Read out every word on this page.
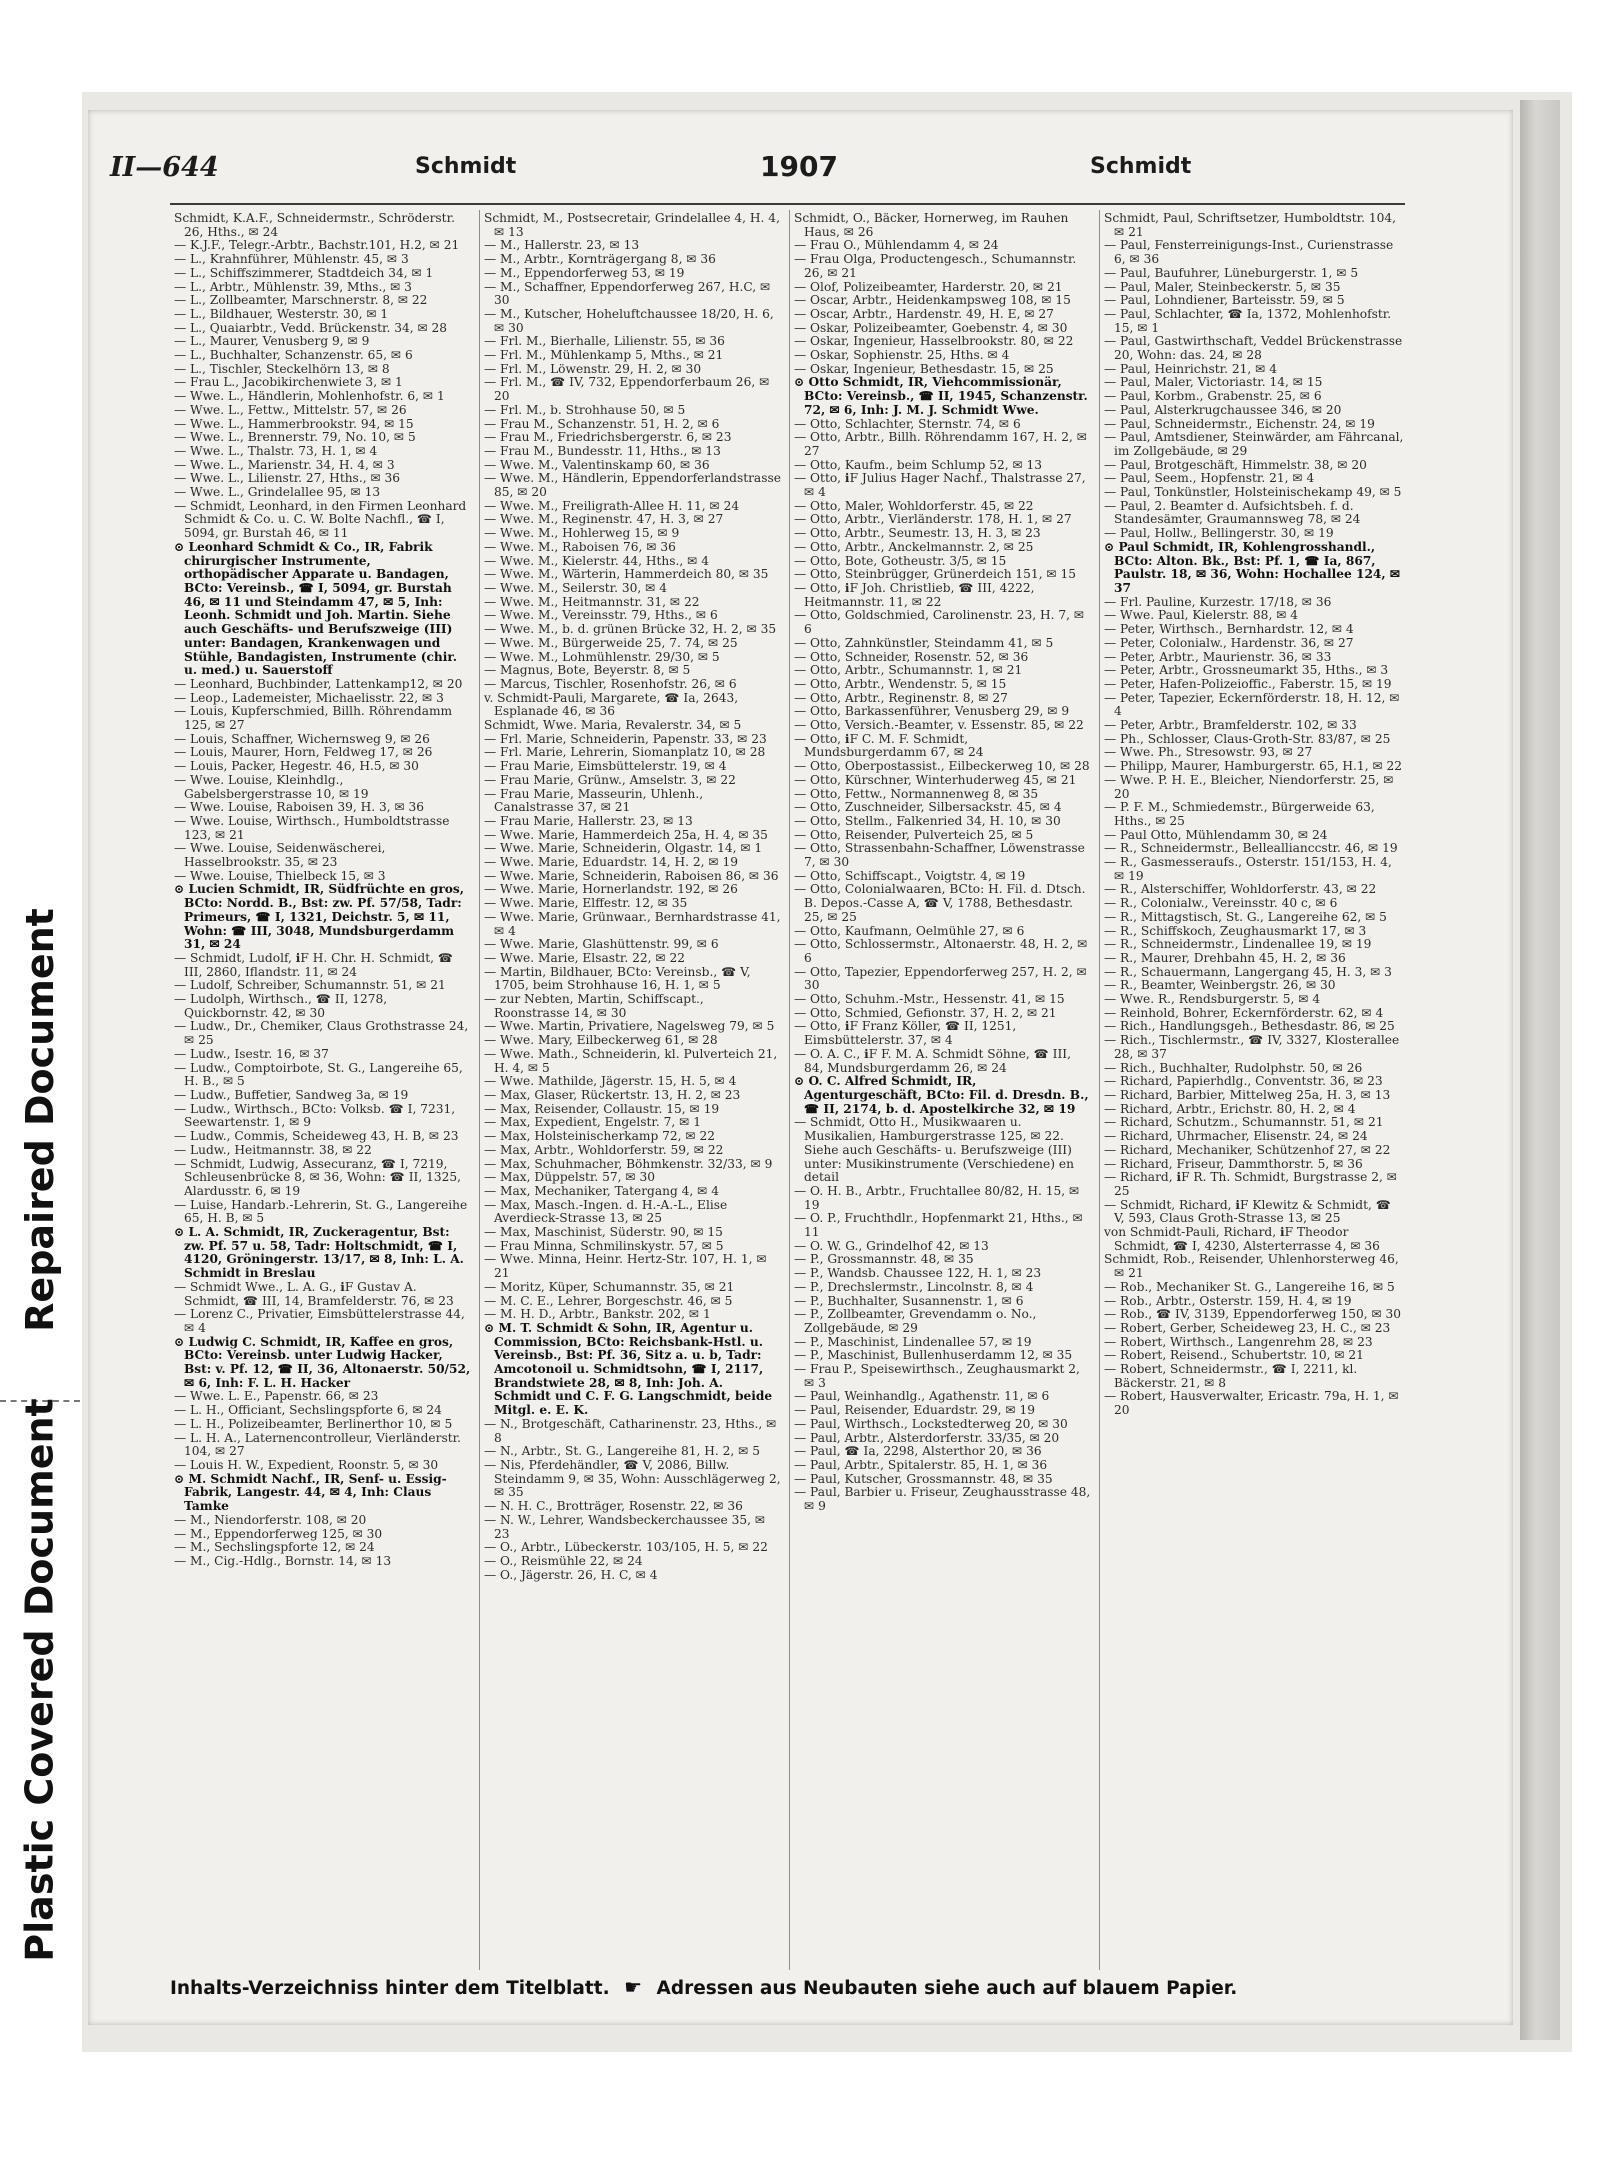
Repaired Document
Plastic Covered Document
II—644	Schmidt	1907	Schmidt

Schmidt, K.A.F., Schneidermstr., Schröderstr. 26, Hths., ✉ 24

— K.J.F., Telegr.-Arbtr., Bachstr.101, H.2, ✉ 21

— L., Krahnführer, Mühlenstr. 45, ✉ 3

— L., Schiffszimmerer, Stadtdeich 34, ✉ 1

— L., Arbtr., Mühlenstr. 39, Mths., ✉ 3

— L., Zollbeamter, Marschnerstr. 8, ✉ 22

— L., Bildhauer, Westerstr. 30, ✉ 1

— L., Quaiarbtr., Vedd. Brückenstr. 34, ✉ 28

— L., Maurer, Venusberg 9, ✉ 9

— L., Buchhalter, Schanzenstr. 65, ✉ 6

— L., Tischler, Steckelhörn 13, ✉ 8

— Frau L., Jacobikirchenwiete 3, ✉ 1

— Wwe. L., Händlerin, Mohlenhofstr. 6, ✉ 1

— Wwe. L., Fettw., Mittelstr. 57, ✉ 26

— Wwe. L., Hammerbrookstr. 94, ✉ 15

— Wwe. L., Brennerstr. 79, No. 10, ✉ 5

— Wwe. L., Thalstr. 73, H. 1, ✉ 4

— Wwe. L., Marienstr. 34, H. 4, ✉ 3

— Wwe. L., Lilienstr. 27, Hths., ✉ 36

— Wwe. L., Grindelallee 95, ✉ 13

— Schmidt, Leonhard, in den Firmen Leonhard Schmidt & Co. u. C. W. Bolte Nachfl., ☎ I, 5094, gr. Burstah 46, ✉ 11

⊙ Leonhard Schmidt & Co., IR, Fabrik chirurgischer Instrumente, orthopädischer Apparate u. Bandagen, BCto: Vereinsb., ☎ I, 5094, gr. Burstah 46, ✉ 11 und Steindamm 47, ✉ 5, Inh: Leonh. Schmidt und Joh. Martin. Siehe auch Geschäfts- und Berufszweige (III) unter: Bandagen, Krankenwagen und Stühle, Bandagisten, Instrumente (chir. u. med.) u. Sauerstoff

— Leonhard, Buchbinder, Lattenkamp12, ✉ 20

— Leop., Lademeister, Michaelisstr. 22, ✉ 3

— Louis, Kupferschmied, Billh. Röhrendamm 125, ✉ 27

— Louis, Schaffner, Wichernsweg 9, ✉ 26

— Louis, Maurer, Horn, Feldweg 17, ✉ 26

— Louis, Packer, Hegestr. 46, H.5, ✉ 30

— Wwe. Louise, Kleinhdlg., Gabelsbergerstrasse 10, ✉ 19

— Wwe. Louise, Raboisen 39, H. 3, ✉ 36

— Wwe. Louise, Wirthsch., Humboldtstrasse 123, ✉ 21

— Wwe. Louise, Seidenwäscherei, Hasselbrookstr. 35, ✉ 23

— Wwe. Louise, Thielbeck 15, ✉ 3

⊙ Lucien Schmidt, IR, Südfrüchte en gros, BCto: Nordd. B., Bst: zw. Pf. 57/58, Tadr: Primeurs, ☎ I, 1321, Deichstr. 5, ✉ 11, Wohn: ☎ III, 3048, Mundsburgerdamm 31, ✉ 24

— Schmidt, Ludolf, ℹF H. Chr. H. Schmidt, ☎ III, 2860, Iflandstr. 11, ✉ 24

— Ludolf, Schreiber, Schumannstr. 51, ✉ 21

— Ludolph, Wirthsch., ☎ II, 1278, Quickbornstr. 42, ✉ 30

— Ludw., Dr., Chemiker, Claus Grothstrasse 24, ✉ 25

— Ludw., Isestr. 16, ✉ 37

— Ludw., Comptoirbote, St. G., Langereihe 65, H. B., ✉ 5

— Ludw., Buffetier, Sandweg 3a, ✉ 19

— Ludw., Wirthsch., BCto: Volksb. ☎ I, 7231, Seewartenstr. 1, ✉ 9

— Ludw., Commis, Scheideweg 43, H. B, ✉ 23

— Ludw., Heitmannstr. 38, ✉ 22

— Schmidt, Ludwig, Assecuranz, ☎ I, 7219, Schleusenbrücke 8, ✉ 36, Wohn: ☎ II, 1325, Alardusstr. 6, ✉ 19

— Luise, Handarb.-Lehrerin, St. G., Langereihe 65, H. B, ✉ 5

⊙ L. A. Schmidt, IR, Zuckeragentur, Bst: zw. Pf. 57 u. 58, Tadr: Holtschmidt, ☎ I, 4120, Gröningerstr. 13/17, ✉ 8, Inh: L. A. Schmidt in Breslau

— Schmidt Wwe., L. A. G., ℹF Gustav A. Schmidt, ☎ III, 14, Bramfelderstr. 76, ✉ 23

— Lorenz C., Privatier, Eimsbüttelerstrasse 44, ✉ 4

⊙ Ludwig C. Schmidt, IR, Kaffee en gros, BCto: Vereinsb. unter Ludwig Hacker, Bst: v. Pf. 12, ☎ II, 36, Altonaerstr. 50/52, ✉ 6, Inh: F. L. H. Hacker

— Wwe. L. E., Papenstr. 66, ✉ 23

— L. H., Officiant, Sechslingspforte 6, ✉ 24

— L. H., Polizeibeamter, Berlinerthor 10, ✉ 5

— L. H. A., Laternencontrolleur, Vierländerstr. 104, ✉ 27

— Louis H. W., Expedient, Roonstr. 5, ✉ 30

⊙ M. Schmidt Nachf., IR, Senf- u. Essig-Fabrik, Langestr. 44, ✉ 4, Inh: Claus Tamke

— M., Niendorferstr. 108, ✉ 20

— M., Eppendorferweg 125, ✉ 30

— M., Sechslingspforte 12, ✉ 24

— M., Cig.-Hdlg., Bornstr. 14, ✉ 13

Schmidt, M., Postsecretair, Grindelallee 4, H. 4, ✉ 13

— M., Hallerstr. 23, ✉ 13

— M., Arbtr., Kornträgergang 8, ✉ 36

— M., Eppendorferweg 53, ✉ 19

— M., Schaffner, Eppendorferweg 267, H.C, ✉ 30

— M., Kutscher, Hoheluftchaussee 18/20, H. 6, ✉ 30

— Frl. M., Bierhalle, Lilienstr. 55, ✉ 36

— Frl. M., Mühlenkamp 5, Mths., ✉ 21

— Frl. M., Löwenstr. 29, H. 2, ✉ 30

— Frl. M., ☎ IV, 732, Eppendorferbaum 26, ✉ 20

— Frl. M., b. Strohhause 50, ✉ 5

— Frau M., Schanzenstr. 51, H. 2, ✉ 6

— Frau M., Friedrichsbergerstr. 6, ✉ 23

— Frau M., Bundesstr. 11, Hths., ✉ 13

— Wwe. M., Valentinskamp 60, ✉ 36

— Wwe. M., Händlerin, Eppendorferlandstrasse 85, ✉ 20

— Wwe. M., Freiligrath-Allee H. 11, ✉ 24

— Wwe. M., Reginenstr. 47, H. 3, ✉ 27

— Wwe. M., Hohlerweg 15, ✉ 9

— Wwe. M., Raboisen 76, ✉ 36

— Wwe. M., Kielerstr. 44, Hths., ✉ 4

— Wwe. M., Wärterin, Hammerdeich 80, ✉ 35

— Wwe. M., Seilerstr. 30, ✉ 4

— Wwe. M., Heitmannstr. 31, ✉ 22

— Wwe. M., Vereinsstr. 79, Hths., ✉ 6

— Wwe. M., b. d. grünen Brücke 32, H. 2, ✉ 35

— Wwe. M., Bürgerweide 25, 7. 74, ✉ 25

— Wwe. M., Lohmühlenstr. 29/30, ✉ 5

— Magnus, Bote, Beyerstr. 8, ✉ 5

— Marcus, Tischler, Rosenhofstr. 26, ✉ 6

v. Schmidt-Pauli, Margarete, ☎ Ia, 2643, Esplanade 46, ✉ 36

Schmidt, Wwe. Maria, Revalerstr. 34, ✉ 5

— Frl. Marie, Schneiderin, Papenstr. 33, ✉ 23

— Frl. Marie, Lehrerin, Siomanplatz 10, ✉ 28

— Frau Marie, Eimsbüttelerstr. 19, ✉ 4

— Frau Marie, Grünw., Amselstr. 3, ✉ 22

— Frau Marie, Masseurin, Uhlenh., Canalstrasse 37, ✉ 21

— Frau Marie, Hallerstr. 23, ✉ 13

— Wwe. Marie, Hammerdeich 25a, H. 4, ✉ 35

— Wwe. Marie, Schneiderin, Olgastr. 14, ✉ 1

— Wwe. Marie, Eduardstr. 14, H. 2, ✉ 19

— Wwe. Marie, Schneiderin, Raboisen 86, ✉ 36

— Wwe. Marie, Hornerlandstr. 192, ✉ 26

— Wwe. Marie, Elffestr. 12, ✉ 35

— Wwe. Marie, Grünwaar., Bernhardstrasse 41, ✉ 4

— Wwe. Marie, Glashüttenstr. 99, ✉ 6

— Wwe. Marie, Elsastr. 22, ✉ 22

— Martin, Bildhauer, BCto: Vereinsb., ☎ V, 1705, beim Strohhause 16, H. 1, ✉ 5

— zur Nebten, Martin, Schiffscapt., Roonstrasse 14, ✉ 30

— Wwe. Martin, Privatiere, Nagelsweg 79, ✉ 5

— Wwe. Mary, Eilbeckerweg 61, ✉ 28

— Wwe. Math., Schneiderin, kl. Pulverteich 21, H. 4, ✉ 5

— Wwe. Mathilde, Jägerstr. 15, H. 5, ✉ 4

— Max, Glaser, Rückertstr. 13, H. 2, ✉ 23

— Max, Reisender, Collaustr. 15, ✉ 19

— Max, Expedient, Engelstr. 7, ✉ 1

— Max, Holsteinischerkamp 72, ✉ 22

— Max, Arbtr., Wohldorferstr. 59, ✉ 22

— Max, Schuhmacher, Böhmkenstr. 32/33, ✉ 9

— Max, Düppelstr. 57, ✉ 30

— Max, Mechaniker, Tatergang 4, ✉ 4

— Max, Masch.-Ingen. d. H.-A.-L., Elise Averdieck-Strasse 13, ✉ 25

— Max, Maschinist, Süderstr. 90, ✉ 15

— Frau Minna, Schmilinskystr. 57, ✉ 5

— Wwe. Minna, Heinr. Hertz-Str. 107, H. 1, ✉ 21

— Moritz, Küper, Schumannstr. 35, ✉ 21

— M. C. E., Lehrer, Borgeschstr. 46, ✉ 5

— M. H. D., Arbtr., Bankstr. 202, ✉ 1

⊙ M. T. Schmidt & Sohn, IR, Agentur u. Commission, BCto: Reichsbank-Hstl. u. Vereinsb., Bst: Pf. 36, Sitz a. u. b, Tadr: Amcotonoil u. Schmidtsohn, ☎ I, 2117, Brandstwiete 28, ✉ 8, Inh: Joh. A. Schmidt und C. F. G. Langschmidt, beide Mitgl. e. E. K.

— N., Brotgeschäft, Catharinenstr. 23, Hths., ✉ 8

— N., Arbtr., St. G., Langereihe 81, H. 2, ✉ 5

— Nis, Pferdehändler, ☎ V, 2086, Billw. Steindamm 9, ✉ 35, Wohn: Ausschlägerweg 2, ✉ 35

— N. H. C., Brotträger, Rosenstr. 22, ✉ 36

— N. W., Lehrer, Wandsbeckerchaussee 35, ✉ 23

— O., Arbtr., Lübeckerstr. 103/105, H. 5, ✉ 22

— O., Reismühle 22, ✉ 24

— O., Jägerstr. 26, H. C, ✉ 4

Schmidt, O., Bäcker, Hornerweg, im Rauhen Haus, ✉ 26

— Frau O., Mühlendamm 4, ✉ 24

— Frau Olga, Productengesch., Schumannstr. 26, ✉ 21

— Olof, Polizeibeamter, Harderstr. 20, ✉ 21

— Oscar, Arbtr., Heidenkampsweg 108, ✉ 15

— Oscar, Arbtr., Hardenstr. 49, H. E, ✉ 27

— Oskar, Polizeibeamter, Goebenstr. 4, ✉ 30

— Oskar, Ingenieur, Hasselbrookstr. 80, ✉ 22

— Oskar, Sophienstr. 25, Hths. ✉ 4

— Oskar, Ingenieur, Bethesdastr. 15, ✉ 25

⊙ Otto Schmidt, IR, Viehcommissionär, BCto: Vereinsb., ☎ II, 1945, Schanzenstr. 72, ✉ 6, Inh: J. M. J. Schmidt Wwe.

— Otto, Schlachter, Sternstr. 74, ✉ 6

— Otto, Arbtr., Billh. Röhrendamm 167, H. 2, ✉ 27

— Otto, Kaufm., beim Schlump 52, ✉ 13

— Otto, ℹF Julius Hager Nachf., Thalstrasse 27, ✉ 4

— Otto, Maler, Wohldorferstr. 45, ✉ 22

— Otto, Arbtr., Vierländerstr. 178, H. 1, ✉ 27

— Otto, Arbtr., Seumestr. 13, H. 3, ✉ 23

— Otto, Arbtr., Anckelmannstr. 2, ✉ 25

— Otto, Bote, Gotheustr. 3/5, ✉ 15

— Otto, Steinbrügger, Grünerdeich 151, ✉ 15

— Otto, ℹF Joh. Christlieb, ☎ III, 4222, Heitmannstr. 11, ✉ 22

— Otto, Goldschmied, Carolinenstr. 23, H. 7, ✉ 6

— Otto, Zahnkünstler, Steindamm 41, ✉ 5

— Otto, Schneider, Rosenstr. 52, ✉ 36

— Otto, Arbtr., Schumannstr. 1, ✉ 21

— Otto, Arbtr., Wendenstr. 5, ✉ 15

— Otto, Arbtr., Reginenstr. 8, ✉ 27

— Otto, Barkassenführer, Venusberg 29, ✉ 9

— Otto, Versich.-Beamter, v. Essenstr. 85, ✉ 22

— Otto, ℹF C. M. F. Schmidt, Mundsburgerdamm 67, ✉ 24

— Otto, Oberpostassist., Eilbeckerweg 10, ✉ 28

— Otto, Kürschner, Winterhuderweg 45, ✉ 21

— Otto, Fettw., Normannenweg 8, ✉ 35

— Otto, Zuschneider, Silbersackstr. 45, ✉ 4

— Otto, Stellm., Falkenried 34, H. 10, ✉ 30

— Otto, Reisender, Pulverteich 25, ✉ 5

— Otto, Strassenbahn-Schaffner, Löwenstrasse 7, ✉ 30

— Otto, Schiffscapt., Voigtstr. 4, ✉ 19

— Otto, Colonialwaaren, BCto: H. Fil. d. Dtsch. B. Depos.-Casse A, ☎ V, 1788, Bethesdastr. 25, ✉ 25

— Otto, Kaufmann, Oelmühle 27, ✉ 6

— Otto, Schlossermstr., Altonaerstr. 48, H. 2, ✉ 6

— Otto, Tapezier, Eppendorferweg 257, H. 2, ✉ 30

— Otto, Schuhm.-Mstr., Hessenstr. 41, ✉ 15

— Otto, Schmied, Gefionstr. 37, H. 2, ✉ 21

— Otto, ℹF Franz Köller, ☎ II, 1251, Eimsbüttelerstr. 37, ✉ 4

— O. A. C., ℹF F. M. A. Schmidt Söhne, ☎ III, 84, Mundsburgerdamm 26, ✉ 24

⊙ O. C. Alfred Schmidt, IR, Agenturgeschäft, BCto: Fil. d. Dresdn. B., ☎ II, 2174, b. d. Apostelkirche 32, ✉ 19

— Schmidt, Otto H., Musikwaaren u. Musikalien, Hamburgerstrasse 125, ✉ 22. Siehe auch Geschäfts- u. Berufszweige (III) unter: Musikinstrumente (Verschiedene) en detail

— O. H. B., Arbtr., Fruchtallee 80/82, H. 15, ✉ 19

— O. P., Fruchthdlr., Hopfenmarkt 21, Hths., ✉ 11

— O. W. G., Grindelhof 42, ✉ 13

— P., Grossmannstr. 48, ✉ 35

— P., Wandsb. Chaussee 122, H. 1, ✉ 23

— P., Drechslermstr., Lincolnstr. 8, ✉ 4

— P., Buchhalter, Susannenstr. 1, ✉ 6

— P., Zollbeamter, Grevendamm o. No., Zollgebäude, ✉ 29

— P., Maschinist, Lindenallee 57, ✉ 19

— P., Maschinist, Bullenhuserdamm 12, ✉ 35

— Frau P., Speisewirthsch., Zeughausmarkt 2, ✉ 3

— Paul, Weinhandlg., Agathenstr. 11, ✉ 6

— Paul, Reisender, Eduardstr. 29, ✉ 19

— Paul, Wirthsch., Lockstedterweg 20, ✉ 30

— Paul, Arbtr., Alsterdorferstr. 33/35, ✉ 20

— Paul, ☎ Ia, 2298, Alsterthor 20, ✉ 36

— Paul, Arbtr., Spitalerstr. 85, H. 1, ✉ 36

— Paul, Kutscher, Grossmannstr. 48, ✉ 35

— Paul, Barbier u. Friseur, Zeughausstrasse 48, ✉ 9

Schmidt, Paul, Schriftsetzer, Humboldtstr. 104, ✉ 21

— Paul, Fensterreinigungs-Inst., Curienstrasse 6, ✉ 36

— Paul, Baufuhrer, Lüneburgerstr. 1, ✉ 5

— Paul, Maler, Steinbeckerstr. 5, ✉ 35

— Paul, Lohndiener, Barteisstr. 59, ✉ 5

— Paul, Schlachter, ☎ Ia, 1372, Mohlenhofstr. 15, ✉ 1

— Paul, Gastwirthschaft, Veddel Brückenstrasse 20, Wohn: das. 24, ✉ 28

— Paul, Heinrichstr. 21, ✉ 4

— Paul, Maler, Victoriastr. 14, ✉ 15

— Paul, Korbm., Grabenstr. 25, ✉ 6

— Paul, Alsterkrugchaussee 346, ✉ 20

— Paul, Schneidermstr., Eichenstr. 24, ✉ 19

— Paul, Amtsdiener, Steinwärder, am Fährcanal, im Zollgebäude, ✉ 29

— Paul, Brotgeschäft, Himmelstr. 38, ✉ 20

— Paul, Seem., Hopfenstr. 21, ✉ 4

— Paul, Tonkünstler, Holsteinischekamp 49, ✉ 5

— Paul, 2. Beamter d. Aufsichtsbeh. f. d. Standesämter, Graumannsweg 78, ✉ 24

— Paul, Hollw., Bellingerstr. 30, ✉ 19

⊙ Paul Schmidt, IR, Kohlengrosshandl., BCto: Alton. Bk., Bst: Pf. 1, ☎ Ia, 867, Paulstr. 18, ✉ 36, Wohn: Hochallee 124, ✉ 37

— Frl. Pauline, Kurzestr. 17/18, ✉ 36

— Wwe. Paul, Kielerstr. 88, ✉ 4

— Peter, Wirthsch., Bernhardstr. 12, ✉ 4

— Peter, Colonialw., Hardenstr. 36, ✉ 27

— Peter, Arbtr., Maurienstr. 36, ✉ 33

— Peter, Arbtr., Grossneumarkt 35, Hths., ✉ 3

— Peter, Hafen-Polizeioffic., Faberstr. 15, ✉ 19

— Peter, Tapezier, Eckernförderstr. 18, H. 12, ✉ 4

— Peter, Arbtr., Bramfelderstr. 102, ✉ 33

— Ph., Schlosser, Claus-Groth-Str. 83/87, ✉ 25

— Wwe. Ph., Stresowstr. 93, ✉ 27

— Philipp, Maurer, Hamburgerstr. 65, H.1, ✉ 22

— Wwe. P. H. E., Bleicher, Niendorferstr. 25, ✉ 20

— P. F. M., Schmiedemstr., Bürgerweide 63, Hths., ✉ 25

— Paul Otto, Mühlendamm 30, ✉ 24

— R., Schneidermstr., Belleallianccstr. 46, ✉ 19

— R., Gasmesseraufs., Osterstr. 151/153, H. 4, ✉ 19

— R., Alsterschiffer, Wohldorferstr. 43, ✉ 22

— R., Colonialw., Vereinsstr. 40 c, ✉ 6

— R., Mittagstisch, St. G., Langereihe 62, ✉ 5

— R., Schiffskoch, Zeughausmarkt 17, ✉ 3

— R., Schneidermstr., Lindenallee 19, ✉ 19

— R., Maurer, Drehbahn 45, H. 2, ✉ 36

— R., Schauermann, Langergang 45, H. 3, ✉ 3

— R., Beamter, Weinbergstr. 26, ✉ 30

— Wwe. R., Rendsburgerstr. 5, ✉ 4

— Reinhold, Bohrer, Eckernförderstr. 62, ✉ 4

— Rich., Handlungsgeh., Bethesdastr. 86, ✉ 25

— Rich., Tischlermstr., ☎ IV, 3327, Klosterallee 28, ✉ 37

— Rich., Buchhalter, Rudolphstr. 50, ✉ 26

— Richard, Papierhdlg., Conventstr. 36, ✉ 23

— Richard, Barbier, Mittelweg 25a, H. 3, ✉ 13

— Richard, Arbtr., Erichstr. 80, H. 2, ✉ 4

— Richard, Schutzm., Schumannstr. 51, ✉ 21

— Richard, Uhrmacher, Elisenstr. 24, ✉ 24

— Richard, Mechaniker, Schützenhof 27, ✉ 22

— Richard, Friseur, Dammthorstr. 5, ✉ 36

— Richard, ℹF R. Th. Schmidt, Burgstrasse 2, ✉ 25

— Schmidt, Richard, ℹF Klewitz & Schmidt, ☎ V, 593, Claus Groth-Strasse 13, ✉ 25

von Schmidt-Pauli, Richard, ℹF Theodor Schmidt, ☎ I, 4230, Alsterterrasse 4, ✉ 36

Schmidt, Rob., Reisender, Uhlenhorsterweg 46, ✉ 21

— Rob., Mechaniker St. G., Langereihe 16, ✉ 5

— Rob., Arbtr., Osterstr. 159, H. 4, ✉ 19

— Rob., ☎ IV, 3139, Eppendorferweg 150, ✉ 30

— Robert, Gerber, Scheideweg 23, H. C., ✉ 23

— Robert, Wirthsch., Langenrehm 28, ✉ 23

— Robert, Reisend., Schubertstr. 10, ✉ 21

— Robert, Schneidermstr., ☎ I, 2211, kl. Bäckerstr. 21, ✉ 8

— Robert, Hausverwalter, Ericastr. 79a, H. 1, ✉ 20

Inhalts-Verzeichniss hinter dem Titelblatt. ☛ Adressen aus Neubauten siehe auch auf blauem Papier.
